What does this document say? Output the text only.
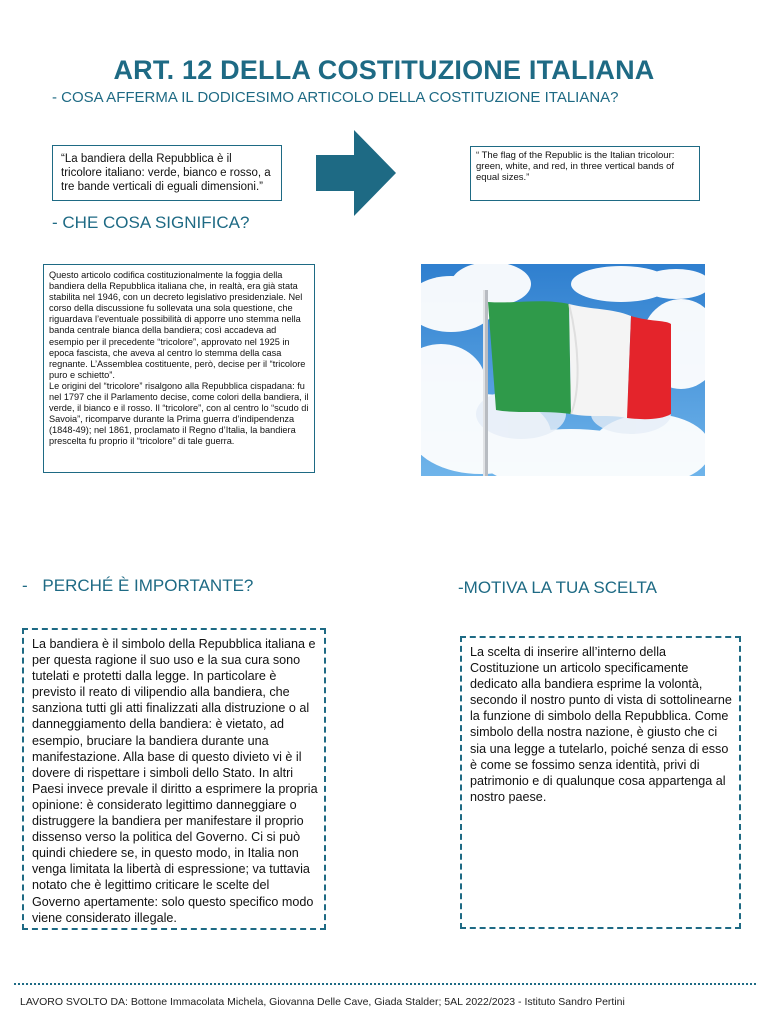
ART. 12 DELLA COSTITUZIONE ITALIANA
- COSA AFFERMA IL DODICESIMO ARTICOLO DELLA COSTITUZIONE ITALIANA?
“La bandiera della Repubblica è il tricolore italiano: verde, bianco e rosso, a tre bande verticali di eguali dimensioni.”
“ The flag of the Republic is the Italian tricolour: green, white, and red, in three vertical bands of equal sizes.”
- CHE COSA SIGNIFICA?
Questo articolo codifica costituzionalmente la foggia della bandiera della Repubblica italiana che, in realtà, era già stata stabilita nel 1946, con un decreto legislativo presidenziale. Nel corso della discussione fu sollevata una sola questione, che riguardava l’eventuale possibilità di apporre uno stemma nella banda centrale bianca della bandiera; così accadeva ad esempio per il precedente “tricolore”, approvato nel 1925 in epoca fascista, che aveva al centro lo stemma della casa regnante. L’Assemblea costituente, però, decise per il “tricolore puro e schietto”.
Le origini del “tricolore” risalgono alla Repubblica cispadana: fu nel 1797 che il Parlamento decise, come colori della bandiera, il verde, il bianco e il rosso. Il “tricolore”, con al centro lo “scudo di Savoia”, ricomparve durante la Prima guerra d’indipendenza (1848-49); nel 1861, proclamato il Regno d’Italia, la bandiera prescelta fu proprio il “tricolore” di tale guerra.
- PERCHÉ È IMPORTANTE?	-MOTIVA LA TUA SCELTA
La bandiera è il simbolo della Repubblica italiana e per questa ragione il suo uso e la sua cura sono tutelati e protetti dalla legge. In particolare è previsto il reato di vilipendio alla bandiera, che sanziona tutti gli atti finalizzati alla distruzione o al danneggiamento della bandiera: è vietato, ad esempio, bruciare la bandiera durante una manifestazione. Alla base di questo divieto vi è il dovere di rispettare i simboli dello Stato. In altri Paesi invece prevale il diritto a esprimere la propria opinione: è considerato legittimo danneggiare o distruggere la bandiera per manifestare il proprio dissenso verso la politica del Governo. Ci si può quindi chiedere se, in questo modo, in Italia non venga limitata la libertà di espressione; va tuttavia notato che è legittimo criticare le scelte del Governo apertamente: solo questo specifico modo viene considerato illegale.
La scelta di inserire all’interno della Costituzione un articolo specificamente dedicato alla bandiera esprime la volontà, secondo il nostro punto di vista di sottolinearne la funzione di simbolo della Repubblica. Come simbolo della nostra nazione, è giusto che ci sia una legge a tutelarlo, poiché senza di esso è come se fossimo senza identità, privi di patrimonio e di qualunque cosa appartenga al nostro paese.
LAVORO SVOLTO DA: Bottone Immacolata Michela, Giovanna Delle Cave, Giada Stalder; 5AL 2022/2023 - Istituto Sandro Pertini
